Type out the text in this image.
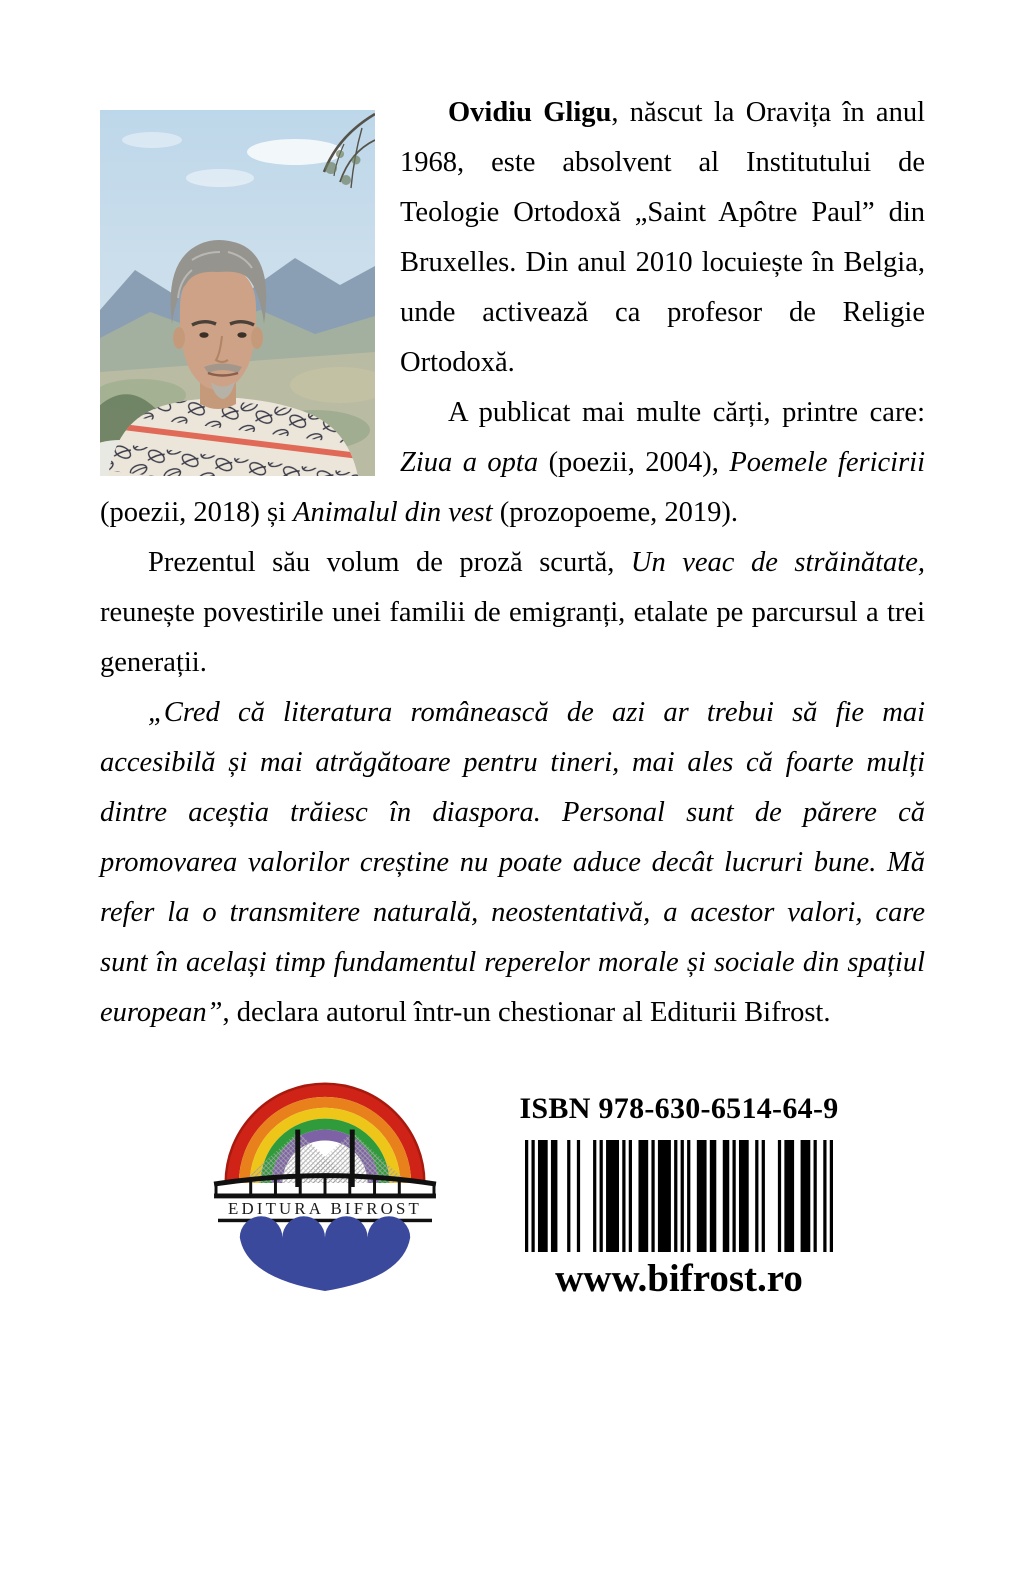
Ovidiu Gligu, născut la Oravița în anul 1968, este absolvent al Institutului de Teologie Ortodoxă „Saint Apôtre Paul” din Bruxelles. Din anul 2010 locuiește în Belgia, unde activează ca profesor de Religie Ortodoxă.

A publicat mai multe cărți, printre care: Ziua a opta (poezii, 2004), Poemele fericirii (poezii, 2018) și Animalul din vest (prozopoeme, 2019).

Prezentul său volum de proză scurtă, Un veac de străinătate, reunește povestirile unei familii de emigranți, etalate pe parcursul a trei generații.

„Cred că literatura românească de azi ar trebui să fie mai accesibilă și mai atrăgătoare pentru tineri, mai ales că foarte mulți dintre aceștia trăiesc în diaspora. Personal sunt de părere că promovarea valorilor creștine nu poate aduce decât lucruri bune. Mă refer la o transmitere naturală, neostentativă, a acestor valori, care sunt în același timp fundamentul reperelor morale și sociale din spațiul european”, declara autorul într-un chestionar al Editurii Bifrost.

EDITURA BIFROST
ISBN 978-630-6514-64-9
www.bifrost.ro
